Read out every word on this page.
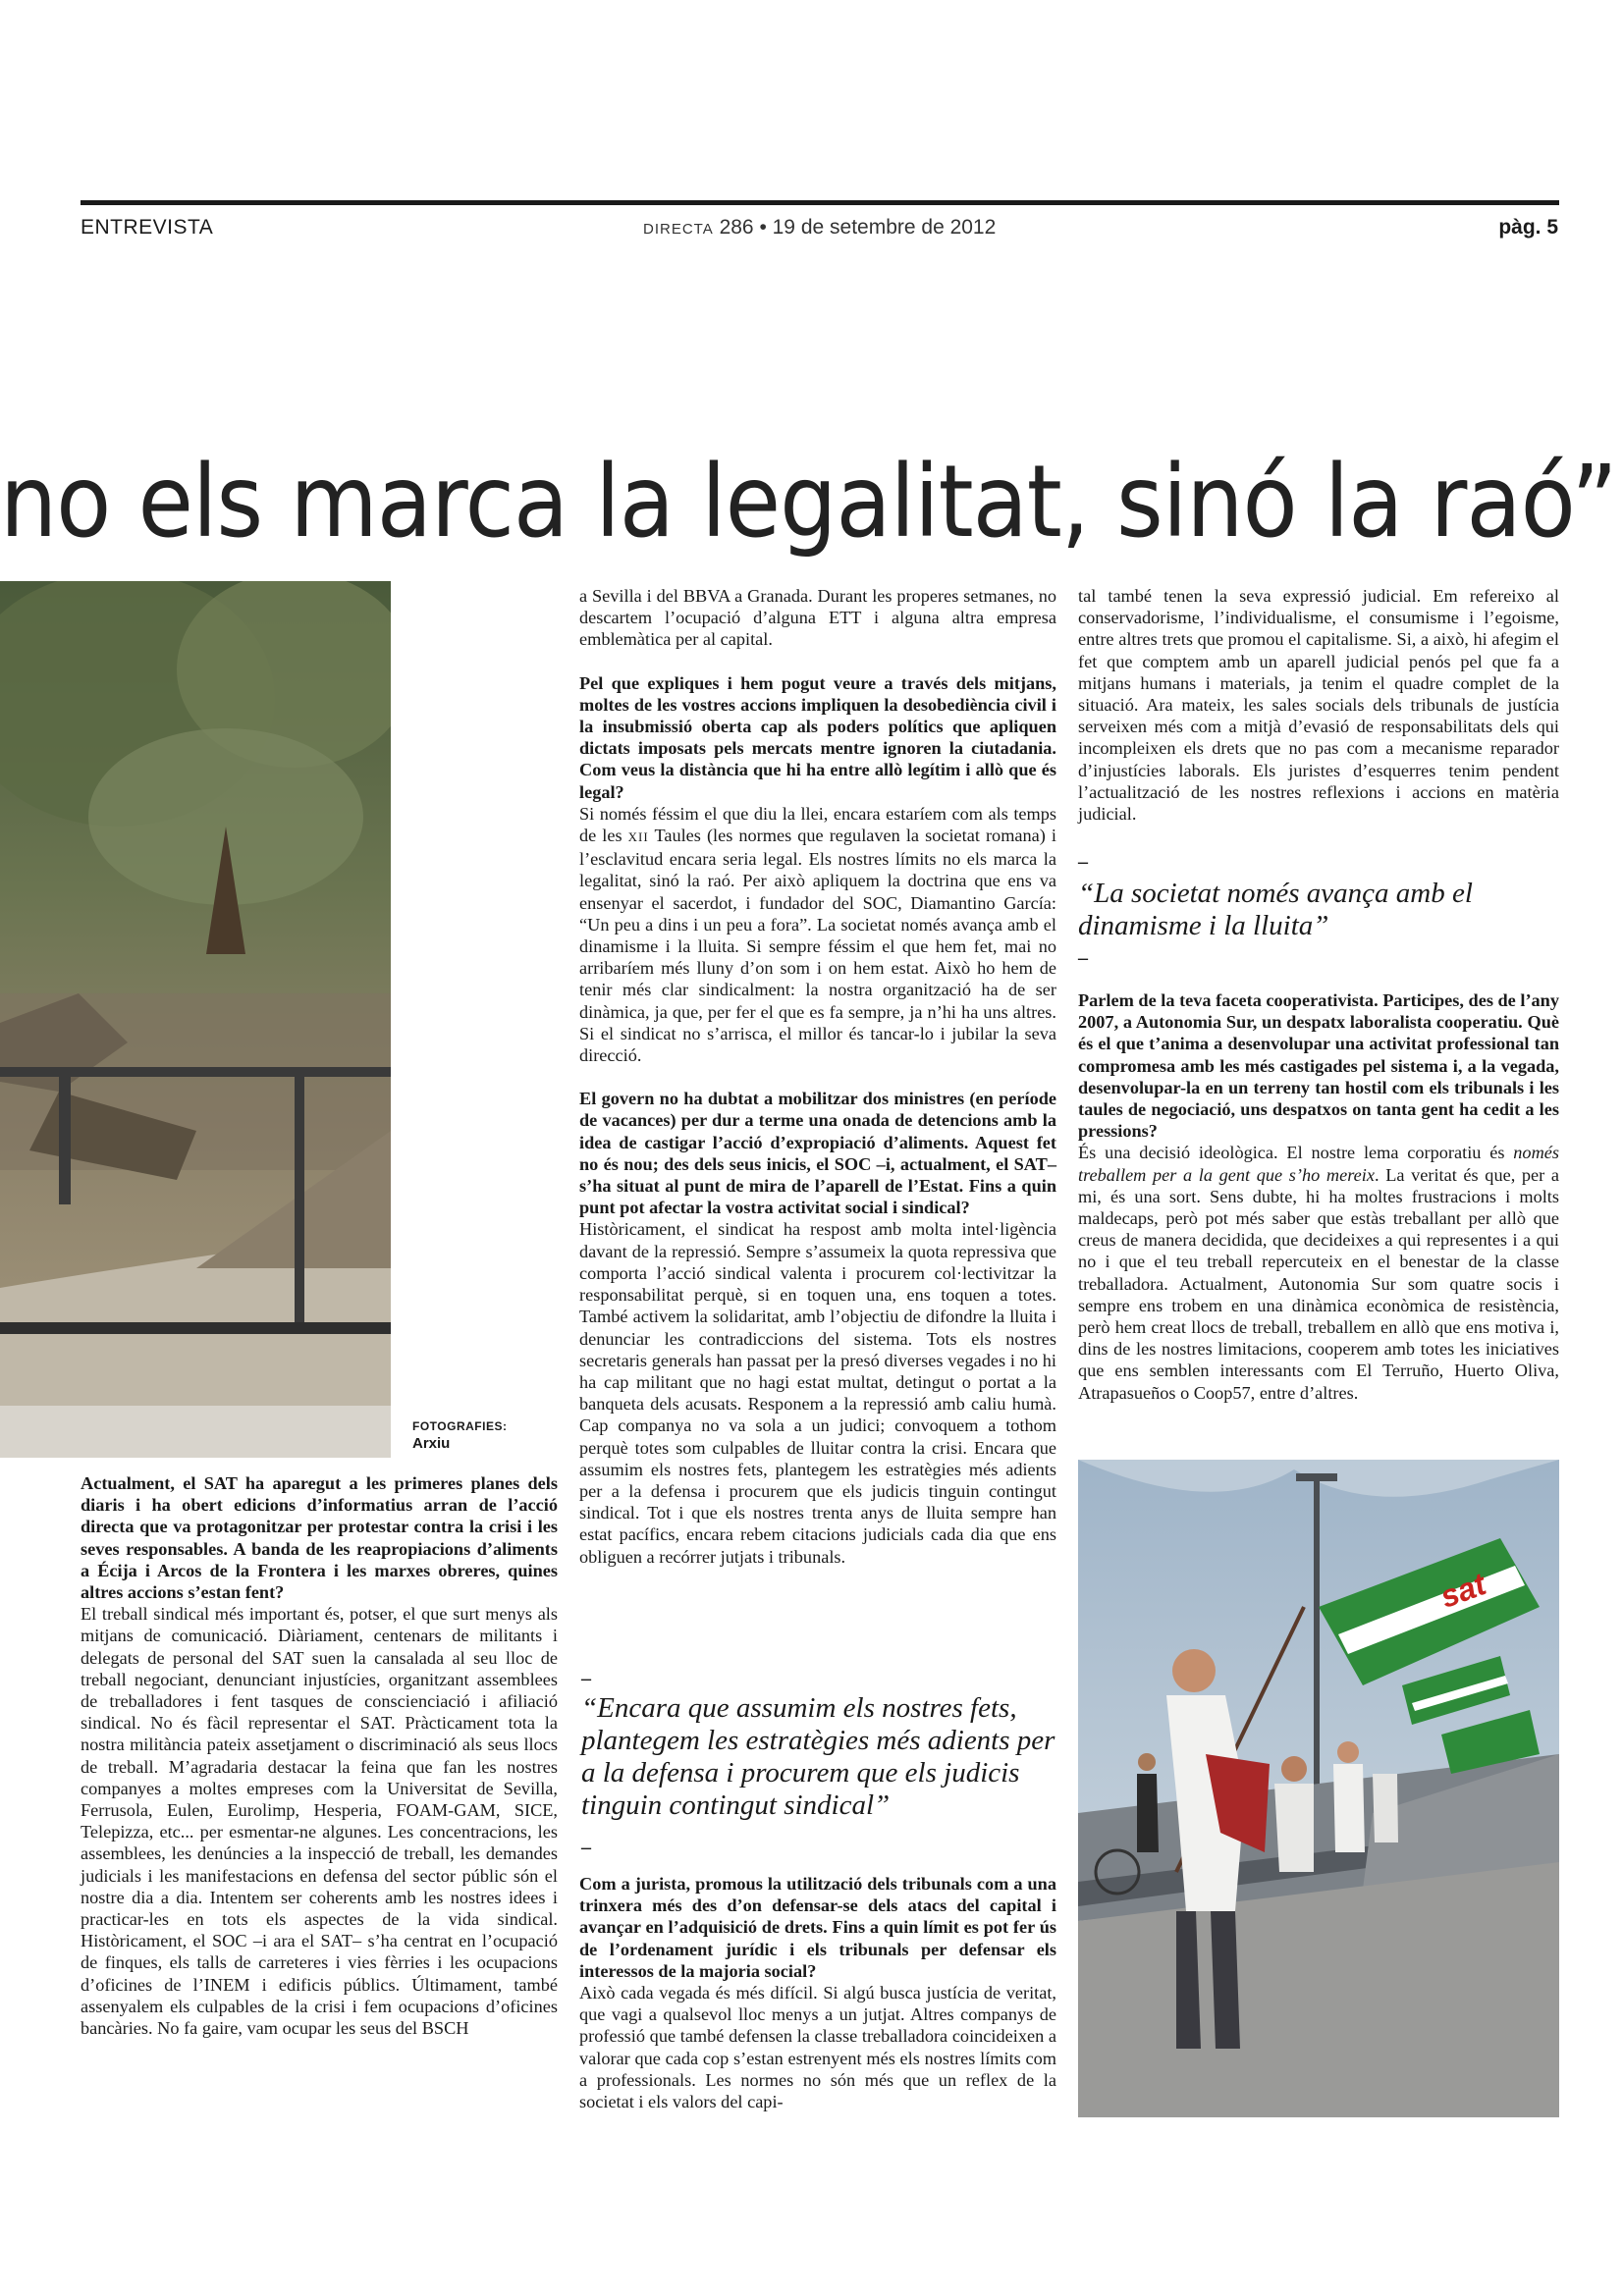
ENTREVISTA	DIRECTA 286 • 19 de setembre de 2012	pàg. 5
no els marca la legalitat, sinó la raó”
FOTOGRAFIES:
Arxiu

Actualment, el SAT ha aparegut a les primeres planes dels diaris i ha obert edicions d’informatius arran de l’acció directa que va protagonitzar per protestar contra la crisi i les seves responsables. A banda de les reapropiacions d’aliments a Écija i Arcos de la Frontera i les marxes obreres, quines altres accions s’estan fent?

El treball sindical més important és, potser, el que surt menys als mitjans de comunicació. Diàriament, centenars de militants i delegats de personal del SAT suen la cansalada al seu lloc de treball negociant, denunciant injustícies, organitzant assemblees de treballadores i fent tasques de conscienciació i afiliació sindical. No és fàcil representar el SAT. Pràcticament tota la nostra militància pateix assetjament o discriminació als seus llocs de treball. M’agradaria destacar la feina que fan les nostres companyes a moltes empreses com la Universitat de Sevilla, Ferrusola, Eulen, Eurolimp, Hesperia, FOAM-GAM, SICE, Telepizza, etc... per esmentar-ne algunes. Les concentracions, les assemblees, les denúncies a la inspecció de treball, les demandes judicials i les manifestacions en defensa del sector públic són el nostre dia a dia. Intentem ser coherents amb les nostres idees i practicar-les en tots els aspectes de la vida sindical. Històricament, el SOC –i ara el SAT– s’ha centrat en l’ocupació de finques, els talls de carreteres i vies fèrries i les ocupacions d’oficines de l’INEM i edificis públics. Últimament, també assenyalem els culpables de la crisi i fem ocupacions d’oficines bancàries. No fa gaire, vam ocupar les seus del BSCH

a Sevilla i del BBVA a Granada. Durant les properes setmanes, no descartem l’ocupació d’alguna ETT i alguna altra empresa emblemàtica per al capital.

Pel que expliques i hem pogut veure a través dels mitjans, moltes de les vostres accions impliquen la desobediència civil i la insubmissió oberta cap als poders polítics que apliquen dictats imposats pels mercats mentre ignoren la ciutadania. Com veus la distància que hi ha entre allò legítim i allò que és legal?

Si només féssim el que diu la llei, encara estaríem com als temps de les XII Taules (les normes que regulaven la societat romana) i l’esclavitud encara seria legal. Els nostres límits no els marca la legalitat, sinó la raó. Per això apliquem la doctrina que ens va ensenyar el sacerdot, i fundador del SOC, Diamantino García: “Un peu a dins i un peu a fora”. La societat només avança amb el dinamisme i la lluita. Si sempre féssim el que hem fet, mai no arribaríem més lluny d’on som i on hem estat. Això ho hem de tenir més clar sindicalment: la nostra organització ha de ser dinàmica, ja que, per fer el que es fa sempre, ja n’hi ha uns altres. Si el sindicat no s’arrisca, el millor és tancar-lo i jubilar la seva direcció.

El govern no ha dubtat a mobilitzar dos ministres (en període de vacances) per dur a terme una onada de detencions amb la idea de castigar l’acció d’expropiació d’aliments. Aquest fet no és nou; des dels seus inicis, el SOC –i, actualment, el SAT– s’ha situat al punt de mira de l’aparell de l’Estat. Fins a quin punt pot afectar la vostra activitat social i sindical?

Històricament, el sindicat ha respost amb molta intel·ligència davant de la repressió. Sempre s’assumeix la quota repressiva que comporta l’acció sindical valenta i procurem col·lectivitzar la responsabilitat perquè, si en toquen una, ens toquen a totes. També activem la solidaritat, amb l’objectiu de difondre la lluita i denunciar les contradiccions del sistema. Tots els nostres secretaris generals han passat per la presó diverses vegades i no hi ha cap militant que no hagi estat multat, detingut o portat a la banqueta dels acusats. Responem a la repressió amb caliu humà. Cap companya no va sola a un judici; convoquem a tothom perquè totes som culpables de lluitar contra la crisi. Encara que assumim els nostres fets, plantegem les estratègies més adients per a la defensa i procurem que els judicis tinguin contingut sindical. Tot i que els nostres trenta anys de lluita sempre han estat pacífics, encara rebem citacions judicials cada dia que ens obliguen a recórrer jutjats i tribunals.

–
“Encara que assumim els nostres fets, plantegem les estratègies més adients per a la defensa i procurem que els judicis tinguin contingut sindical”
–

Com a jurista, promous la utilització dels tribunals com a una trinxera més des d’on defensar-se dels atacs del capital i avançar en l’adquisició de drets. Fins a quin límit es pot fer ús de l’ordenament jurídic i els tribunals per defensar els interessos de la majoria social?

Això cada vegada és més difícil. Si algú busca justícia de veritat, que vagi a qualsevol lloc menys a un jutjat. Altres companys de professió que també defensen la classe treballadora coincideixen a valorar que cada cop s’estan estrenyent més els nostres límits com a professionals. Les normes no són més que un reflex de la societat i els valors del capi-

tal també tenen la seva expressió judicial. Em refereixo al conservadorisme, l’individualisme, el consumisme i l’egoisme, entre altres trets que promou el capitalisme. Si, a això, hi afegim el fet que comptem amb un aparell judicial penós pel que fa a mitjans humans i materials, ja tenim el quadre complet de la situació. Ara mateix, les sales socials dels tribunals de justícia serveixen més com a mitjà d’evasió de responsabilitats dels qui incompleixen els drets que no pas com a mecanisme reparador d’injustícies laborals. Els juristes d’esquerres tenim pendent l’actualització de les nostres reflexions i accions en matèria judicial.

–
“La societat només avança amb el dinamisme i la lluita”
–

Parlem de la teva faceta cooperativista. Participes, des de l’any 2007, a Autonomia Sur, un despatx laboralista cooperatiu. Què és el que t’anima a desenvolupar una activitat professional tan compromesa amb les més castigades pel sistema i, a la vegada, desenvolupar-la en un terreny tan hostil com els tribunals i les taules de negociació, uns despatxos on tanta gent ha cedit a les pressions?

És una decisió ideològica. El nostre lema corporatiu és només treballem per a la gent que s’ho mereix. La veritat és que, per a mi, és una sort. Sens dubte, hi ha moltes frustracions i molts maldecaps, però pot més saber que estàs treballant per allò que creus de manera decidida, que decideixes a qui representes i a qui no i que el teu treball repercuteix en el benestar de la classe treballadora. Actualment, Autonomia Sur som quatre socis i sempre ens trobem en una dinàmica econòmica de resistència, però hem creat llocs de treball, treballem en allò que ens motiva i, dins de les nostres limitacions, cooperem amb totes les iniciatives que ens semblen interessants com El Terruño, Huerto Oliva, Atrapasueños o Coop57, entre d’altres.

sat
